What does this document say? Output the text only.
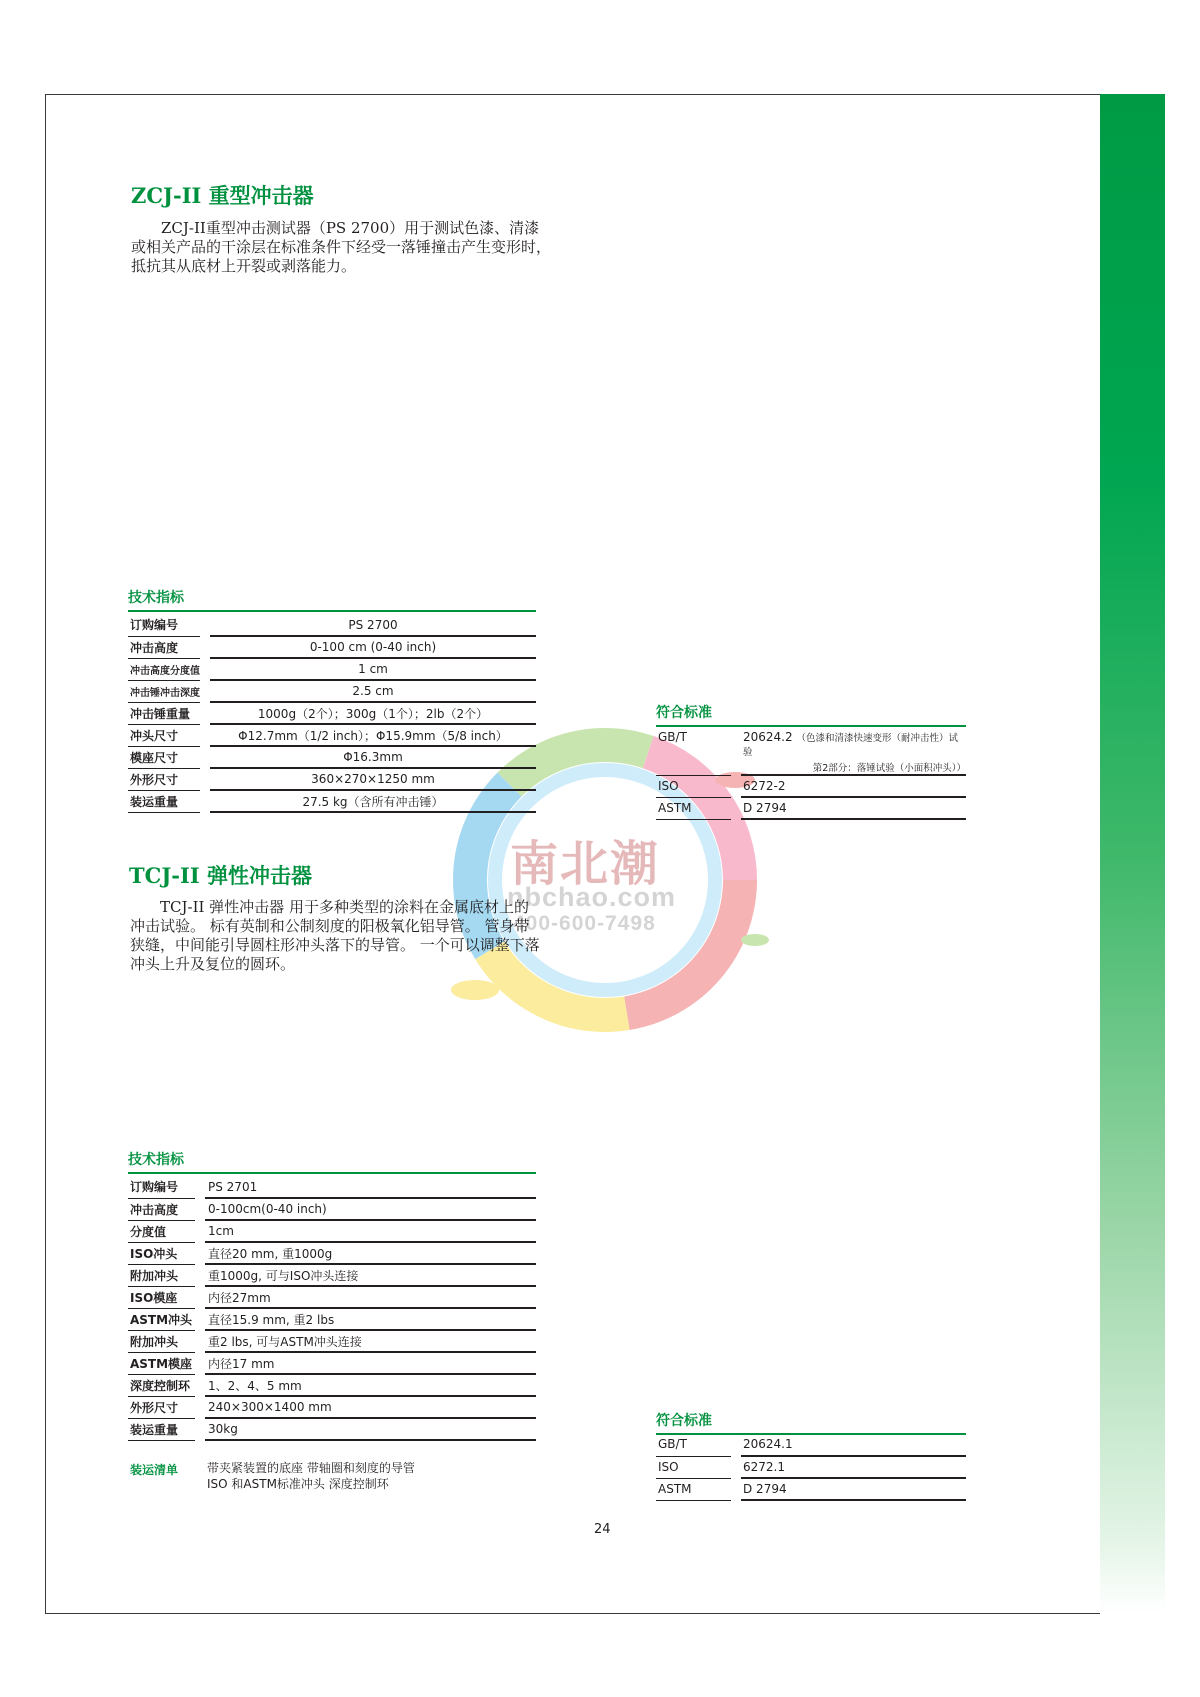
南北潮
nbchao.com
400-600-7498
ZCJ-II 重型冲击器

ZCJ-II重型冲击测试器（PS 2700）用于测试色漆、清漆或相关产品的干涂层在标准条件下经受一落锤撞击产生变形时，抵抗其从底材上开裂或剥落能力。

技术指标
订购编号		PS 2700
冲击高度		0-100 cm (0-40 inch)
冲击高度分度值		1 cm
冲击锤冲击深度		2.5 cm
冲击锤重量		1000g（2个）；300g（1个）；2lb（2个）
冲头尺寸		Φ12.7mm（1/2 inch）；Φ15.9mm（5/8 inch）
模座尺寸		Φ16.3mm
外形尺寸		360×270×1250 mm
装运重量		27.5 kg（含所有冲击锤）
符合标准
GB/T		20624.2 （色漆和清漆快速变形（耐冲击性）试验
第2部分：落锤试验（小面积冲头））

ISO		6272-2
ASTM		D 2794
TCJ-II 弹性冲击器

TCJ-II 弹性冲击器 用于多种类型的涂料在金属底材上的冲击试验。 标有英制和公制刻度的阳极氧化铝导管。 管身带狭缝，中间能引导圆柱形冲头落下的导管。 一个可以调整下落冲头上升及复位的圆环。

技术指标
订购编号		PS 2701
冲击高度		0-100cm(0-40 inch)
分度值		1cm
ISO冲头		直径20 mm, 重1000g
附加冲头		重1000g, 可与ISO冲头连接
ISO模座		内径27mm
ASTM冲头		直径15.9 mm, 重2 lbs
附加冲头		重2 lbs, 可与ASTM冲头连接
ASTM模座		内径17 mm
深度控制环		1、2、4、5 mm
外形尺寸		240×300×1400 mm
装运重量		30kg
装运清单 带夹紧装置的底座 带轴圈和刻度的导管
ISO 和ASTM标准冲头 深度控制环
符合标准
GB/T		20624.1
ISO		6272.1
ASTM		D 2794
24
